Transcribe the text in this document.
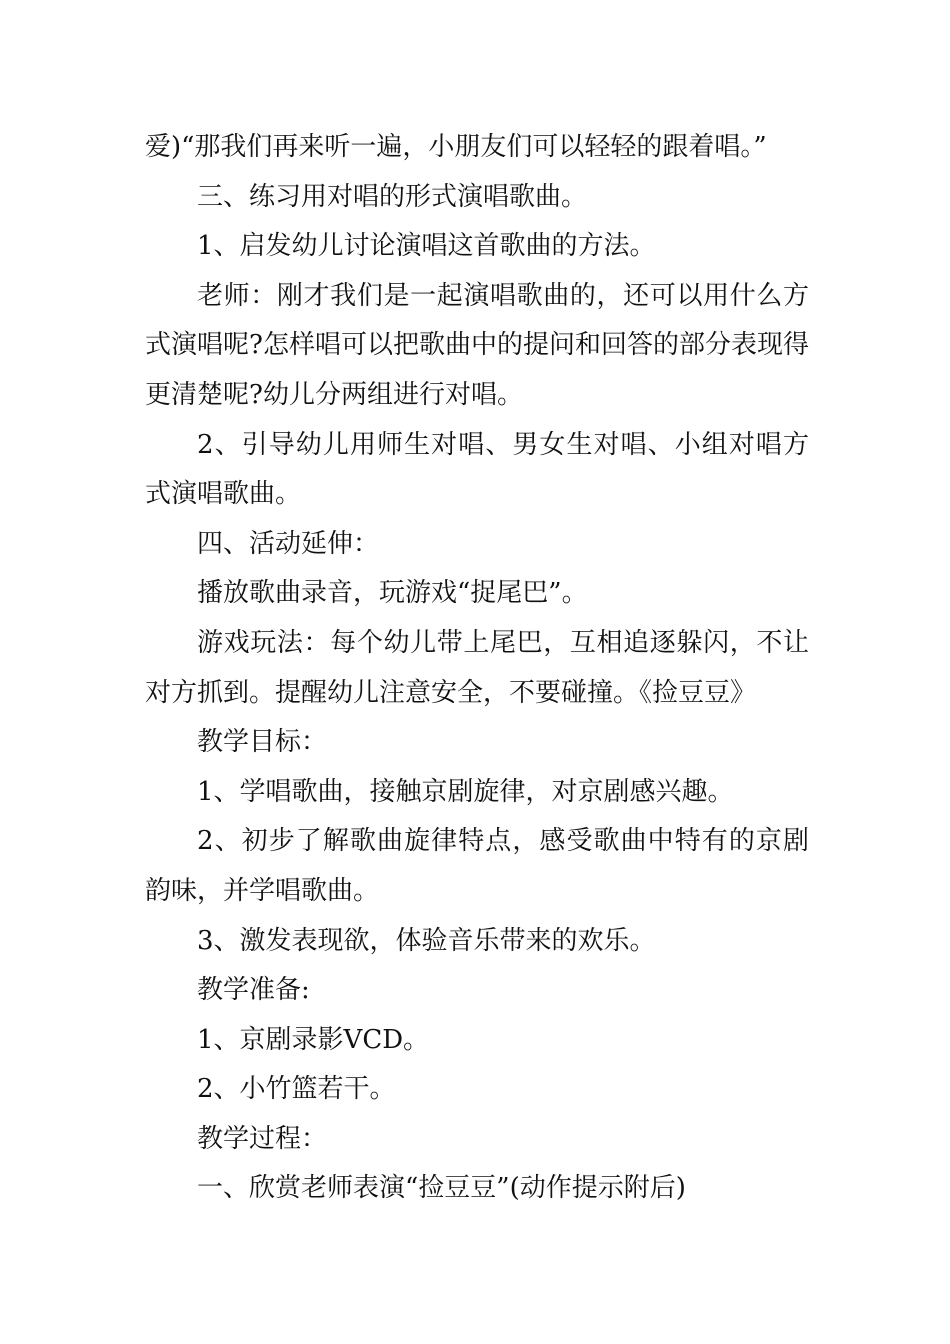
爱)“那我们再来听一遍，小朋友们可以轻轻的跟着唱。”

三、练习用对唱的形式演唱歌曲。

1、启发幼儿讨论演唱这首歌曲的方法。

老师：刚才我们是一起演唱歌曲的，还可以用什么方式演唱呢?怎样唱可以把歌曲中的提问和回答的部分表现得更清楚呢?幼儿分两组进行对唱。

2、引导幼儿用师生对唱、男女生对唱、小组对唱方式演唱歌曲。

四、活动延伸：

播放歌曲录音，玩游戏“捉尾巴”。

游戏玩法：每个幼儿带上尾巴，互相追逐躲闪，不让对方抓到。提醒幼儿注意安全，不要碰撞。《捡豆豆》

教学目标：

1、学唱歌曲，接触京剧旋律，对京剧感兴趣。

2、初步了解歌曲旋律特点，感受歌曲中特有的京剧韵味，并学唱歌曲。

3、激发表现欲，体验音乐带来的欢乐。

教学准备:

1、京剧录影VCD。

2、小竹篮若干。

教学过程：

一、欣赏老师表演“捡豆豆”(动作提示附后)
